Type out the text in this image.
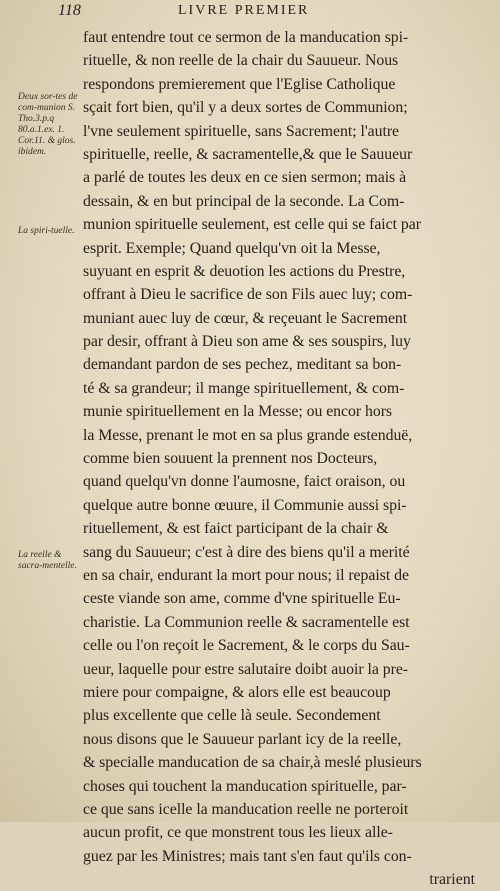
118	LIVRE PREMIER
Deux sor-tes de com-munion S. Tho.3.p.q 80.a.1.ex. 1. Cor.11. & glos. ibidem.
La spiri-tuelle.
La reelle & sacra-mentelle.
faut entendre tout ce sermon de la manducation spi-
rituelle, & non reelle de la chair du Sauueur. Nous
respondons premierement que l'Eglise Catholique
sçait fort bien, qu'il y a deux sortes de Communion;
l'vne seulement spirituelle, sans Sacrement; l'autre
spirituelle, reelle, & sacramentelle,& que le Sauueur
a parlé de toutes les deux en ce sien sermon; mais à
dessain, & en but principal de la seconde. La Com-
munion spirituelle seulement, est celle qui se faict par
esprit. Exemple; Quand quelqu'vn oit la Messe,
suyuant en esprit & deuotion les actions du Prestre,
offrant à Dieu le sacrifice de son Fils auec luy; com-
muniant auec luy de cœur, & reçeuant le Sacrement
par desir, offrant à Dieu son ame & ses souspirs, luy
demandant pardon de ses pechez, meditant sa bon-
té & sa grandeur; il mange spirituellement, & com-
munie spirituellement en la Messe; ou encor hors
la Messe, prenant le mot en sa plus grande estenduë,
comme bien souuent la prennent nos Docteurs,
quand quelqu'vn donne l'aumosne, faict oraison, ou
quelque autre bonne œuure, il Communie aussi spi-
rituellement, & est faict participant de la chair &
sang du Sauueur; c'est à dire des biens qu'il a merité
en sa chair, endurant la mort pour nous; il repaist de
ceste viande son ame, comme d'vne spirituelle Eu-
charistie. La Communion reelle & sacramentelle est
celle ou l'on reçoit le Sacrement, & le corps du Sau-
ueur, laquelle pour estre salutaire doibt auoir la pre-
miere pour compaigne, & alors elle est beaucoup
plus excellente que celle là seule. Secondement
nous disons que le Sauueur parlant icy de la reelle,
& specialle manducation de sa chair,à meslé plusieurs
choses qui touchent la manducation spirituelle, par-
ce que sans icelle la manducation reelle ne porteroit
aucun profit, ce que monstrent tous les lieux alle-
guez par les Ministres; mais tant s'en faut qu'ils con-
trarient
